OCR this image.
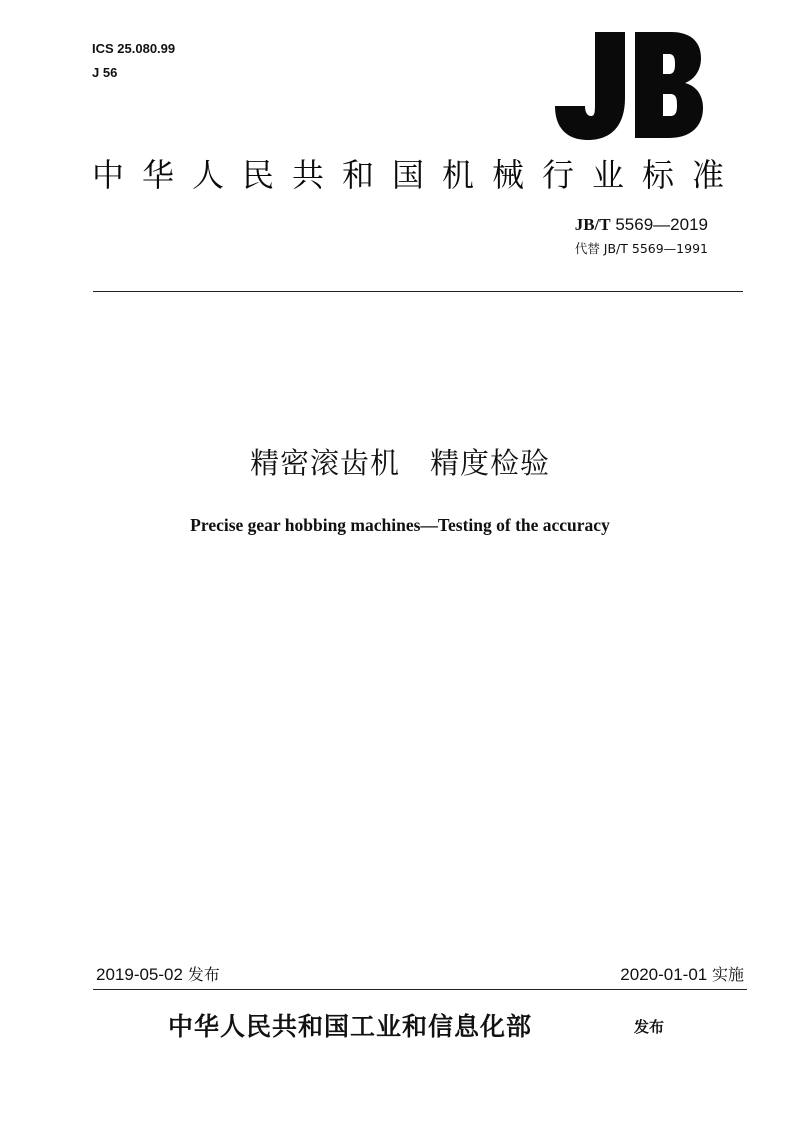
ICS 25.080.99
J 56
中华人民共和国机械行业标准
JB/T 5569—2019
代替 JB/T 5569—1991
精密滚齿机　精度检验
Precise gear hobbing machines—Testing of the accuracy
2019-05-02 发布	2020-01-01 实施
中华人民共和国工业和信息化部	发布
